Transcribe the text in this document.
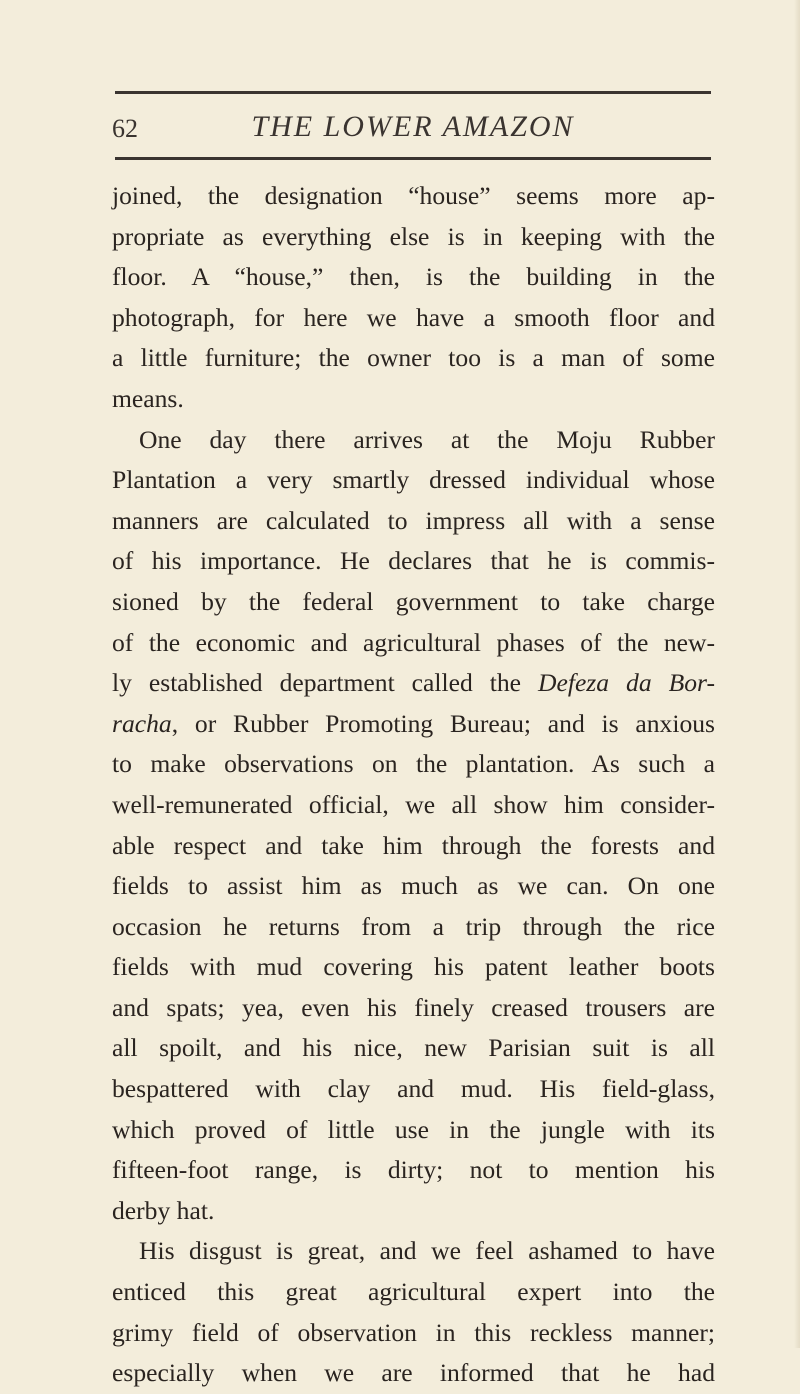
62	THE LOWER AMAZON
joined, the designation “house” seems more ap-
propriate as everything else is in keeping with the
floor. A “house,” then, is the building in the
photograph, for here we have a smooth floor and
a little furniture; the owner too is a man of some
means.
One day there arrives at the Moju Rubber
Plantation a very smartly dressed individual whose
manners are calculated to impress all with a sense
of his importance. He declares that he is commis-
sioned by the federal government to take charge
of the economic and agricultural phases of the new-
ly established department called the Defeza da Bor-
racha, or Rubber Promoting Bureau; and is anxious
to make observations on the plantation. As such a
well-remunerated official, we all show him consider-
able respect and take him through the forests and
fields to assist him as much as we can. On one
occasion he returns from a trip through the rice
fields with mud covering his patent leather boots
and spats; yea, even his finely creased trousers are
all spoilt, and his nice, new Parisian suit is all
bespattered with clay and mud. His field-glass,
which proved of little use in the jungle with its
fifteen-foot range, is dirty; not to mention his
derby hat.
His disgust is great, and we feel ashamed to have
enticed this great agricultural expert into the
grimy field of observation in this reckless manner;
especially when we are informed that he had
